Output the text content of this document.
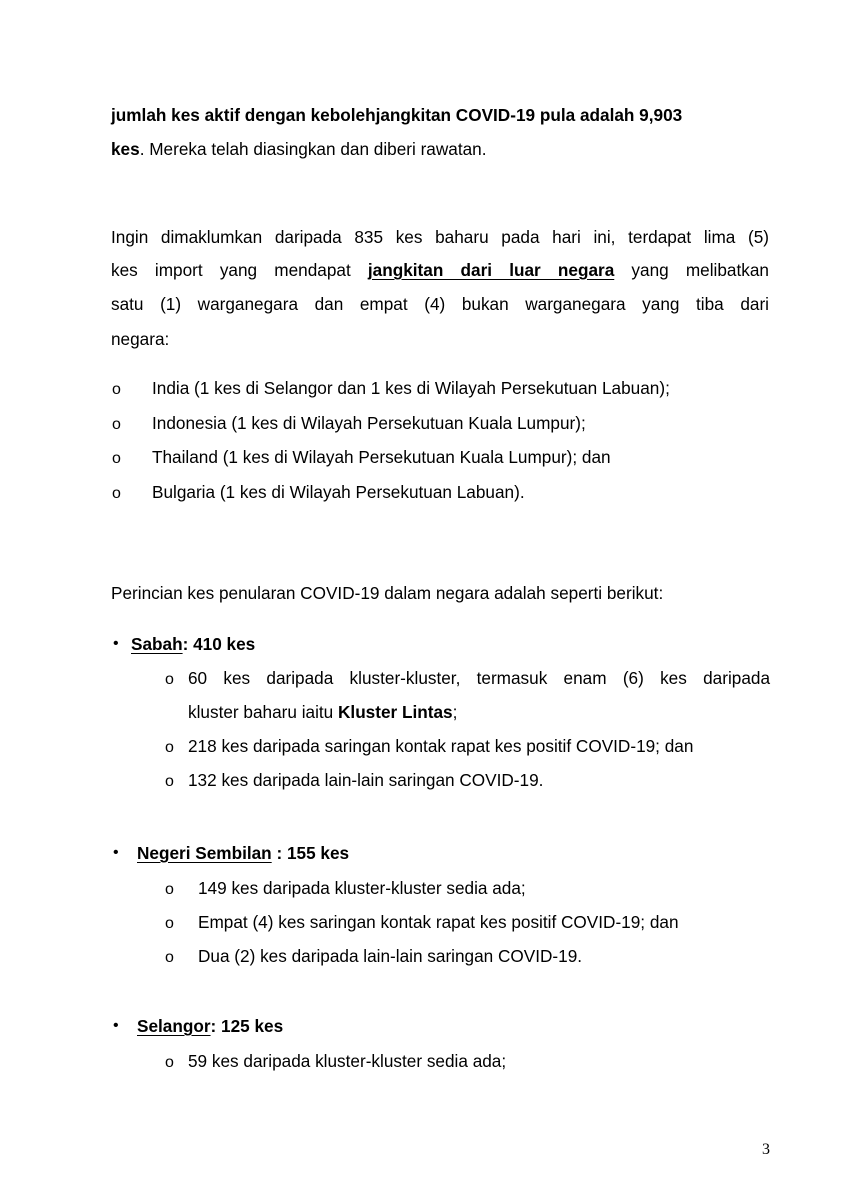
jumlah kes aktif dengan kebolehjangkitan COVID-19 pula adalah 9,903
kes. Mereka telah diasingkan dan diberi rawatan.
Ingin dimaklumkan daripada 835 kes baharu pada hari ini, terdapat lima (5)
kes import yang mendapat jangkitan dari luar negara yang melibatkan
satu (1) warganegara dan empat (4) bukan warganegara yang tiba dari
negara:
o India (1 kes di Selangor dan 1 kes di Wilayah Persekutuan Labuan);
o Indonesia (1 kes di Wilayah Persekutuan Kuala Lumpur);
o Thailand (1 kes di Wilayah Persekutuan Kuala Lumpur); dan
o Bulgaria (1 kes di Wilayah Persekutuan Labuan).
Perincian kes penularan COVID-19 dalam negara adalah seperti berikut:
• Sabah: 410 kes
o 60 kes daripada kluster-kluster, termasuk enam (6) kes daripada
kluster baharu iaitu Kluster Lintas;
o 218 kes daripada saringan kontak rapat kes positif COVID-19; dan
o 132 kes daripada lain-lain saringan COVID-19.
• Negeri Sembilan : 155 kes
o 149 kes daripada kluster-kluster sedia ada;
o Empat (4) kes saringan kontak rapat kes positif COVID-19; dan
o Dua (2) kes daripada lain-lain saringan COVID-19.
• Selangor: 125 kes
o 59 kes daripada kluster-kluster sedia ada;
3
